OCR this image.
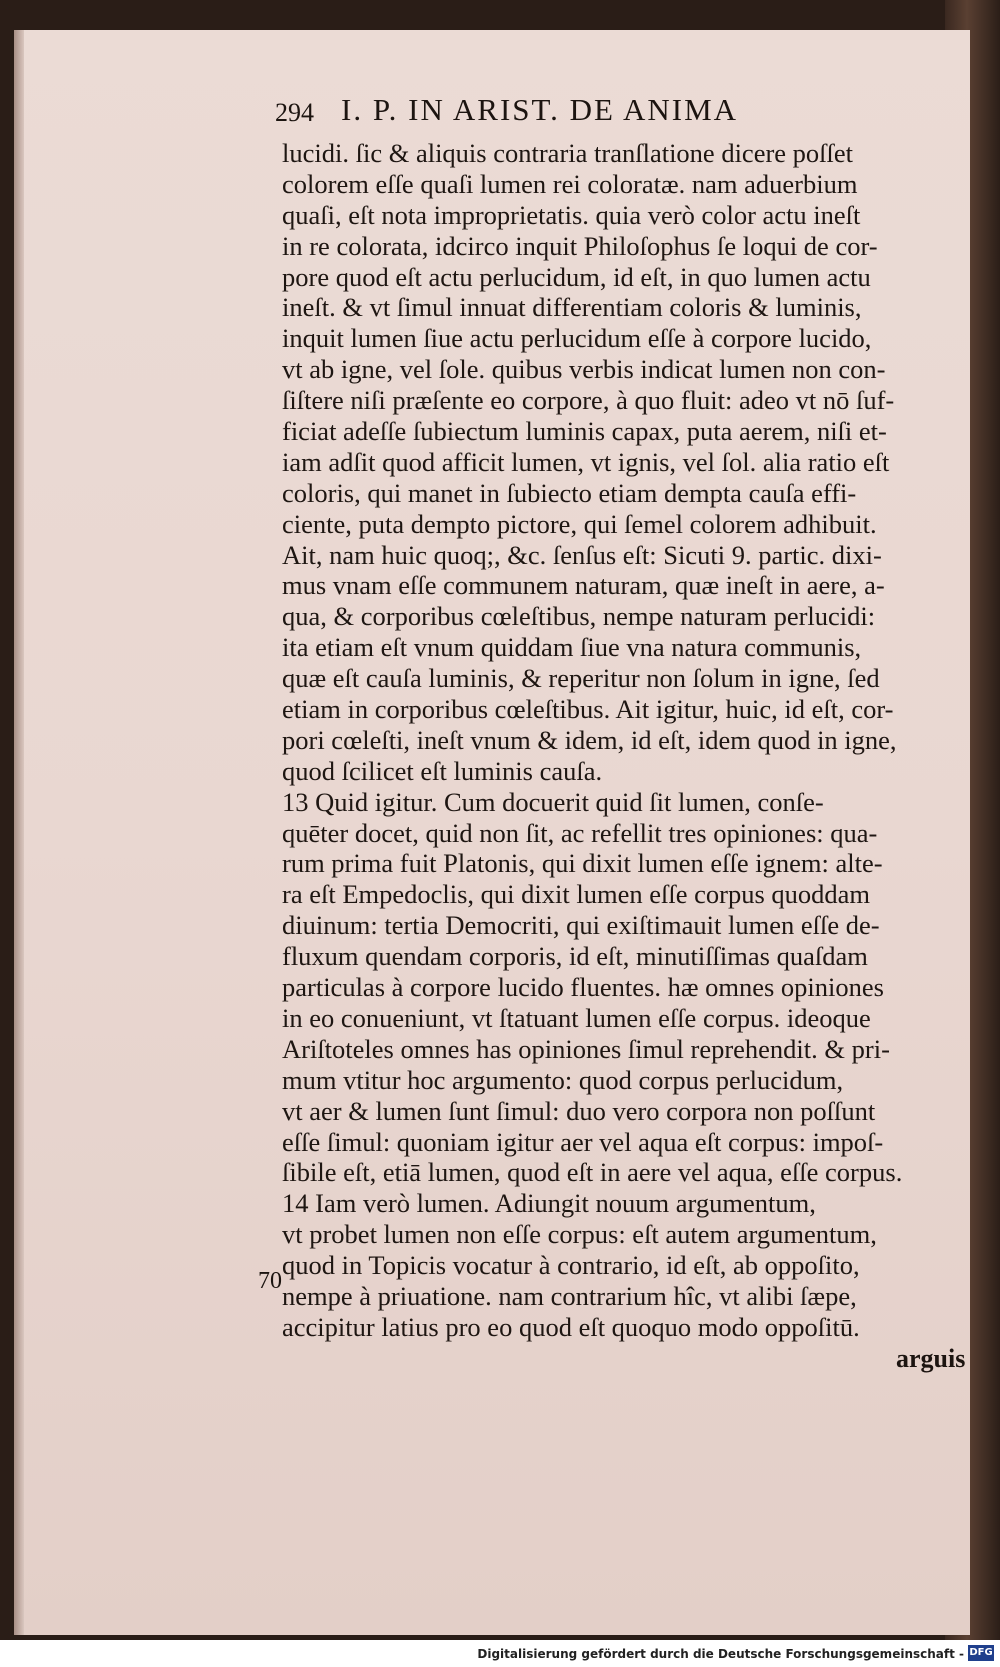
294 I. P. IN ARIST. DE ANIMA
lucidi. ſic & aliquis contraria tranſlatione dicere poſſet
colorem eſſe quaſi lumen rei coloratæ. nam aduerbium
quaſi, eſt nota improprietatis. quia verò color actu ineſt
in re colorata, idcirco inquit Philoſophus ſe loqui de cor-
pore quod eſt actu perlucidum, id eſt, in quo lumen actu
ineſt. & vt ſimul innuat differentiam coloris & luminis,
inquit lumen ſiue actu perlucidum eſſe à corpore lucido,
vt ab igne, vel ſole. quibus verbis indicat lumen non con-
ſiſtere niſi præſente eo corpore, à quo fluit: adeo vt nō ſuf-
ficiat adeſſe ſubiectum luminis capax, puta aerem, niſi et-
iam adſit quod afficit lumen, vt ignis, vel ſol. alia ratio eſt
coloris, qui manet in ſubiecto etiam dempta cauſa effi-
ciente, puta dempto pictore, qui ſemel colorem adhibuit.
Ait, nam huic quoq;, &c. ſenſus eſt: Sicuti 9. partic. dixi-
mus vnam eſſe communem naturam, quæ ineſt in aere, a-
qua, & corporibus cœleſtibus, nempe naturam perlucidi:
ita etiam eſt vnum quiddam ſiue vna natura communis,
quæ eſt cauſa luminis, & reperitur non ſolum in igne, ſed
etiam in corporibus cœleſtibus. Ait igitur, huic, id eſt, cor-
pori cœleſti, ineſt vnum & idem, id eſt, idem quod in igne,
quod ſcilicet eſt luminis cauſa.
13 Quid igitur. Cum docuerit quid ſit lumen, conſe-
quēter docet, quid non ſit, ac refellit tres opiniones: qua-
rum prima fuit Platonis, qui dixit lumen eſſe ignem: alte-
ra eſt Empedoclis, qui dixit lumen eſſe corpus quoddam
diuinum: tertia Democriti, qui exiſtimauit lumen eſſe de-
fluxum quendam corporis, id eſt, minutiſſimas quaſdam
particulas à corpore lucido fluentes. hæ omnes opiniones
in eo conueniunt, vt ſtatuant lumen eſſe corpus. ideoque
Ariſtoteles omnes has opiniones ſimul reprehendit. & pri-
mum vtitur hoc argumento: quod corpus perlucidum,
vt aer & lumen ſunt ſimul: duo vero corpora non poſſunt
eſſe ſimul: quoniam igitur aer vel aqua eſt corpus: impoſ-
ſibile eſt, etiā lumen, quod eſt in aere vel aqua, eſſe corpus.
14 Iam verò lumen. Adiungit nouum argumentum,
vt probet lumen non eſſe corpus: eſt autem argumentum,
quod in Topicis vocatur à contrario, id eſt, ab oppoſito,
nempe à priuatione. nam contrarium hîc, vt alibi ſæpe,
accipitur latius pro eo quod eſt quoquo modo oppoſitū.
70
arguis
Digitalisierung gefördert durch die Deutsche Forschungsgemeinschaft - DFG
